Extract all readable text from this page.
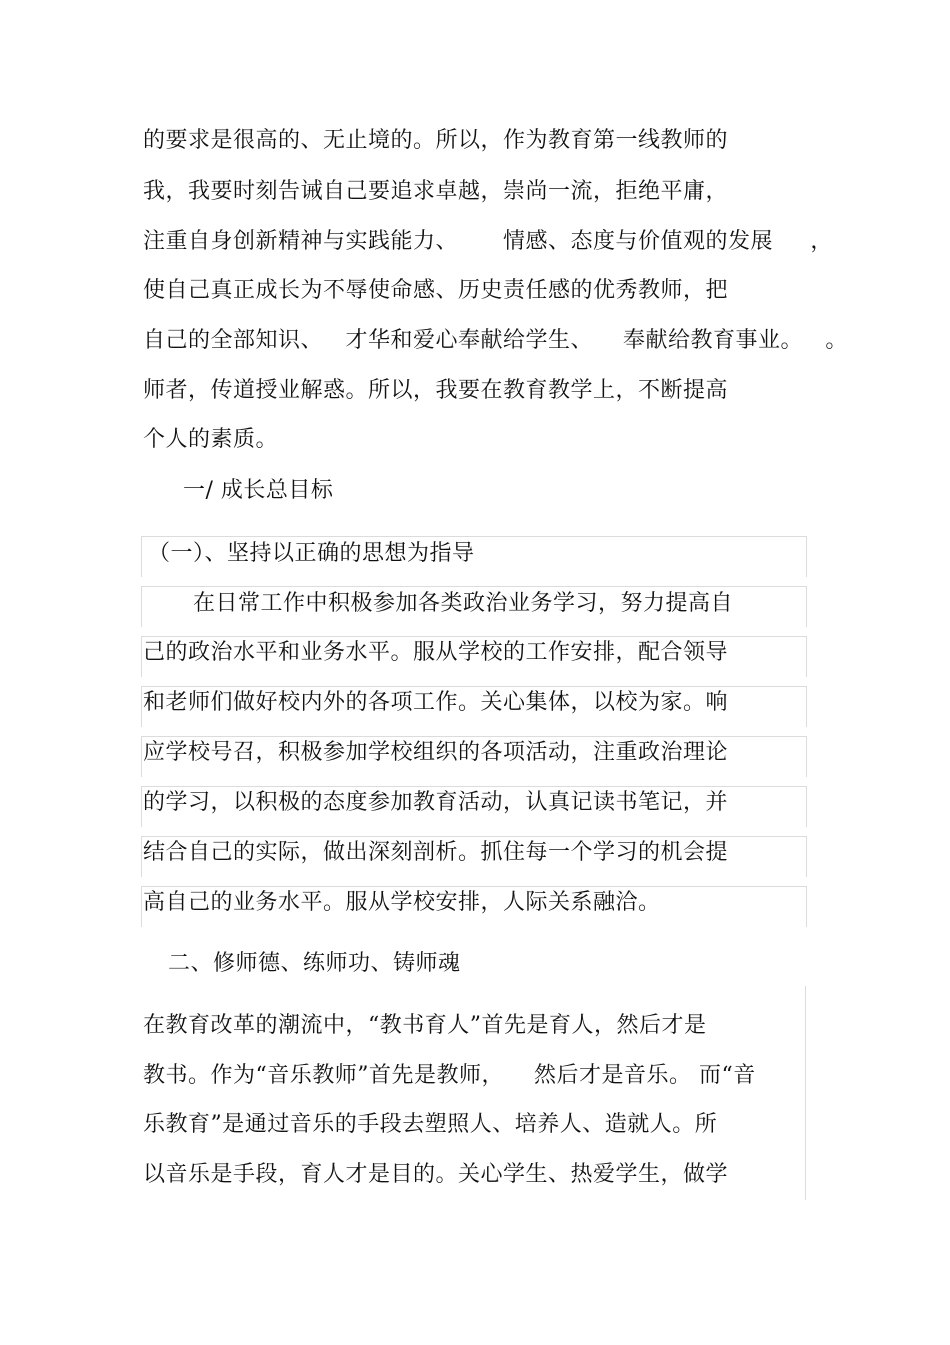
的要求是很高的、无止境的。所以，作为教育第一线教师的
我，我要时刻告诫自己要追求卓越，崇尚一流，拒绝平庸，
注重自身创新精神与实践能力、      情感、态度与价值观的发展     ，
使自己真正成长为不辱使命感、历史责任感的优秀教师，把
自己的全部知识、   才华和爱心奉献给学生、    奉献给教育事业。   。
师者，传道授业解惑。所以，我要在教育教学上，不断提高
个人的素质。
一/ 成长总目标
（一）、坚持以正确的思想为指导
在日常工作中积极参加各类政治业务学习，努力提高自
己的政治水平和业务水平。服从学校的工作安排，配合领导
和老师们做好校内外的各项工作。关心集体，以校为家。响
应学校号召，积极参加学校组织的各项活动，注重政治理论
的学习，以积极的态度参加教育活动，认真记读书笔记，并
结合自己的实际，做出深刻剖析。抓住每一个学习的机会提
高自己的业务水平。服从学校安排，人际关系融洽。
二、修师德、练师功、铸师魂
在教育改革的潮流中，“教书育人”首先是育人，然后才是
教书。作为“音乐教师”首先是教师，    然后才是音乐。 而“音
乐教育”是通过音乐的手段去塑照人、培养人、造就人。所
以音乐是手段，育人才是目的。关心学生、热爱学生，做学
